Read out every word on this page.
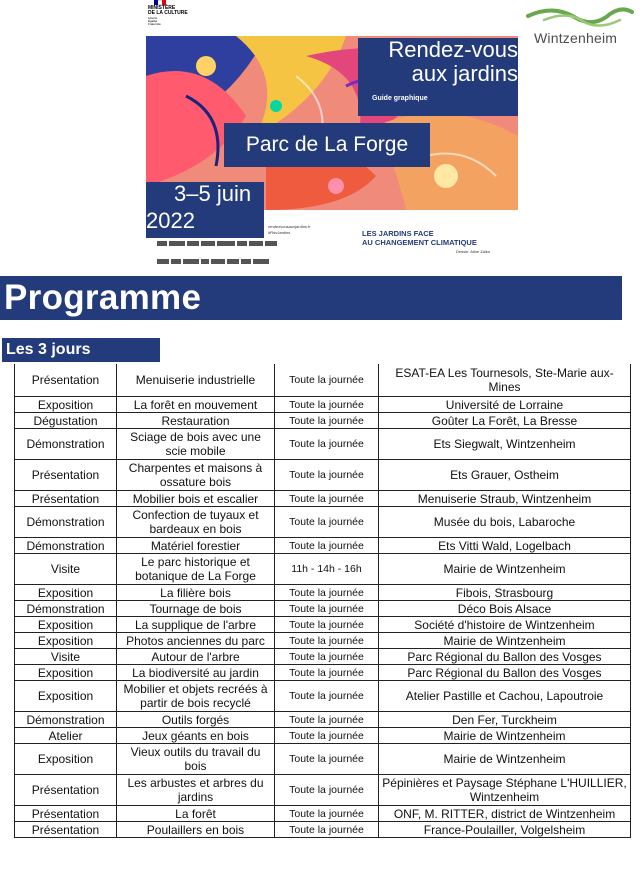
MINISTÈRE
DE LA CULTURE
Liberté
Égalité
Fraternité
Wintzenheim
Rendez-vous
aux jardins
Guide graphique
Parc de La Forge
3–5 juin
2022	rendezvousauxjardins.fr
#RdvJardins	LES JARDINS FACE
AU CHANGEMENT CLIMATIQUE
Dessin: Aline Zalko

Programme
Les 3 jours
Présentation	Menuiserie industrielle	Toute la journée	ESAT-EA Les Tournesols, Ste-Marie aux-Mines
Exposition	La forêt en mouvement	Toute la journée	Université de Lorraine
Dégustation	Restauration	Toute la journée	Goûter La Forêt, La Bresse
Démonstration	Sciage de bois avec une scie mobile	Toute la journée	Ets Siegwalt, Wintzenheim
Présentation	Charpentes et maisons à ossature bois	Toute la journée	Ets Grauer, Ostheim
Présentation	Mobilier bois et escalier	Toute la journée	Menuiserie Straub, Wintzenheim
Démonstration	Confection de tuyaux et bardeaux en bois	Toute la journée	Musée du bois, Labaroche
Démonstration	Matériel forestier	Toute la journée	Ets Vitti Wald, Logelbach
Visite	Le parc historique et botanique de La Forge	11h - 14h - 16h	Mairie de Wintzenheim
Exposition	La filière bois	Toute la journée	Fibois, Strasbourg
Démonstration	Tournage de bois	Toute la journée	Déco Bois Alsace
Exposition	La supplique de l'arbre	Toute la journée	Société d'histoire de Wintzenheim
Exposition	Photos anciennes du parc	Toute la journée	Mairie de Wintzenheim
Visite	Autour de l'arbre	Toute la journée	Parc Régional du Ballon des Vosges
Exposition	La biodiversité au jardin	Toute la journée	Parc Régional du Ballon des Vosges
Exposition	Mobilier et objets recréés à partir de bois recyclé	Toute la journée	Atelier Pastille et Cachou, Lapoutroie
Démonstration	Outils forgés	Toute la journée	Den Fer, Turckheim
Atelier	Jeux géants en bois	Toute la journée	Mairie de Wintzenheim
Exposition	Vieux outils du travail du bois	Toute la journée	Mairie de Wintzenheim
Présentation	Les arbustes et arbres du jardins	Toute la journée	Pépinières et Paysage Stéphane L'HUILLIER, Wintzenheim
Présentation	La forêt	Toute la journée	ONF, M. RITTER, district de Wintzenheim
Présentation	Poulaillers en bois	Toute la journée	France-Poulailler, Volgelsheim
